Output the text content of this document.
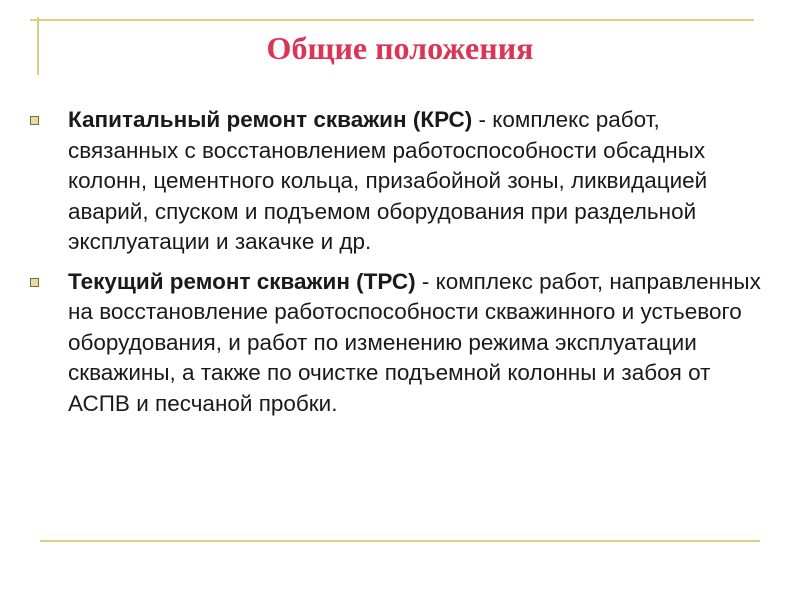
Общие положения
Капитальный ремонт скважин (КРС) - комплекс работ, связанных с восстановлением работоспособности обсадных колонн, цементного кольца, призабойной зоны, ликвидацией аварий, спуском и подъемом оборудования при раздельной эксплуатации и закачке и др.
Текущий ремонт скважин (ТРС) - комплекс работ, направленных на восстановление работоспособности скважинного и устьевого оборудования, и работ по изменению режима эксплуатации скважины, а также по очистке подъемной колонны и забоя от АСПВ и песчаной пробки.
